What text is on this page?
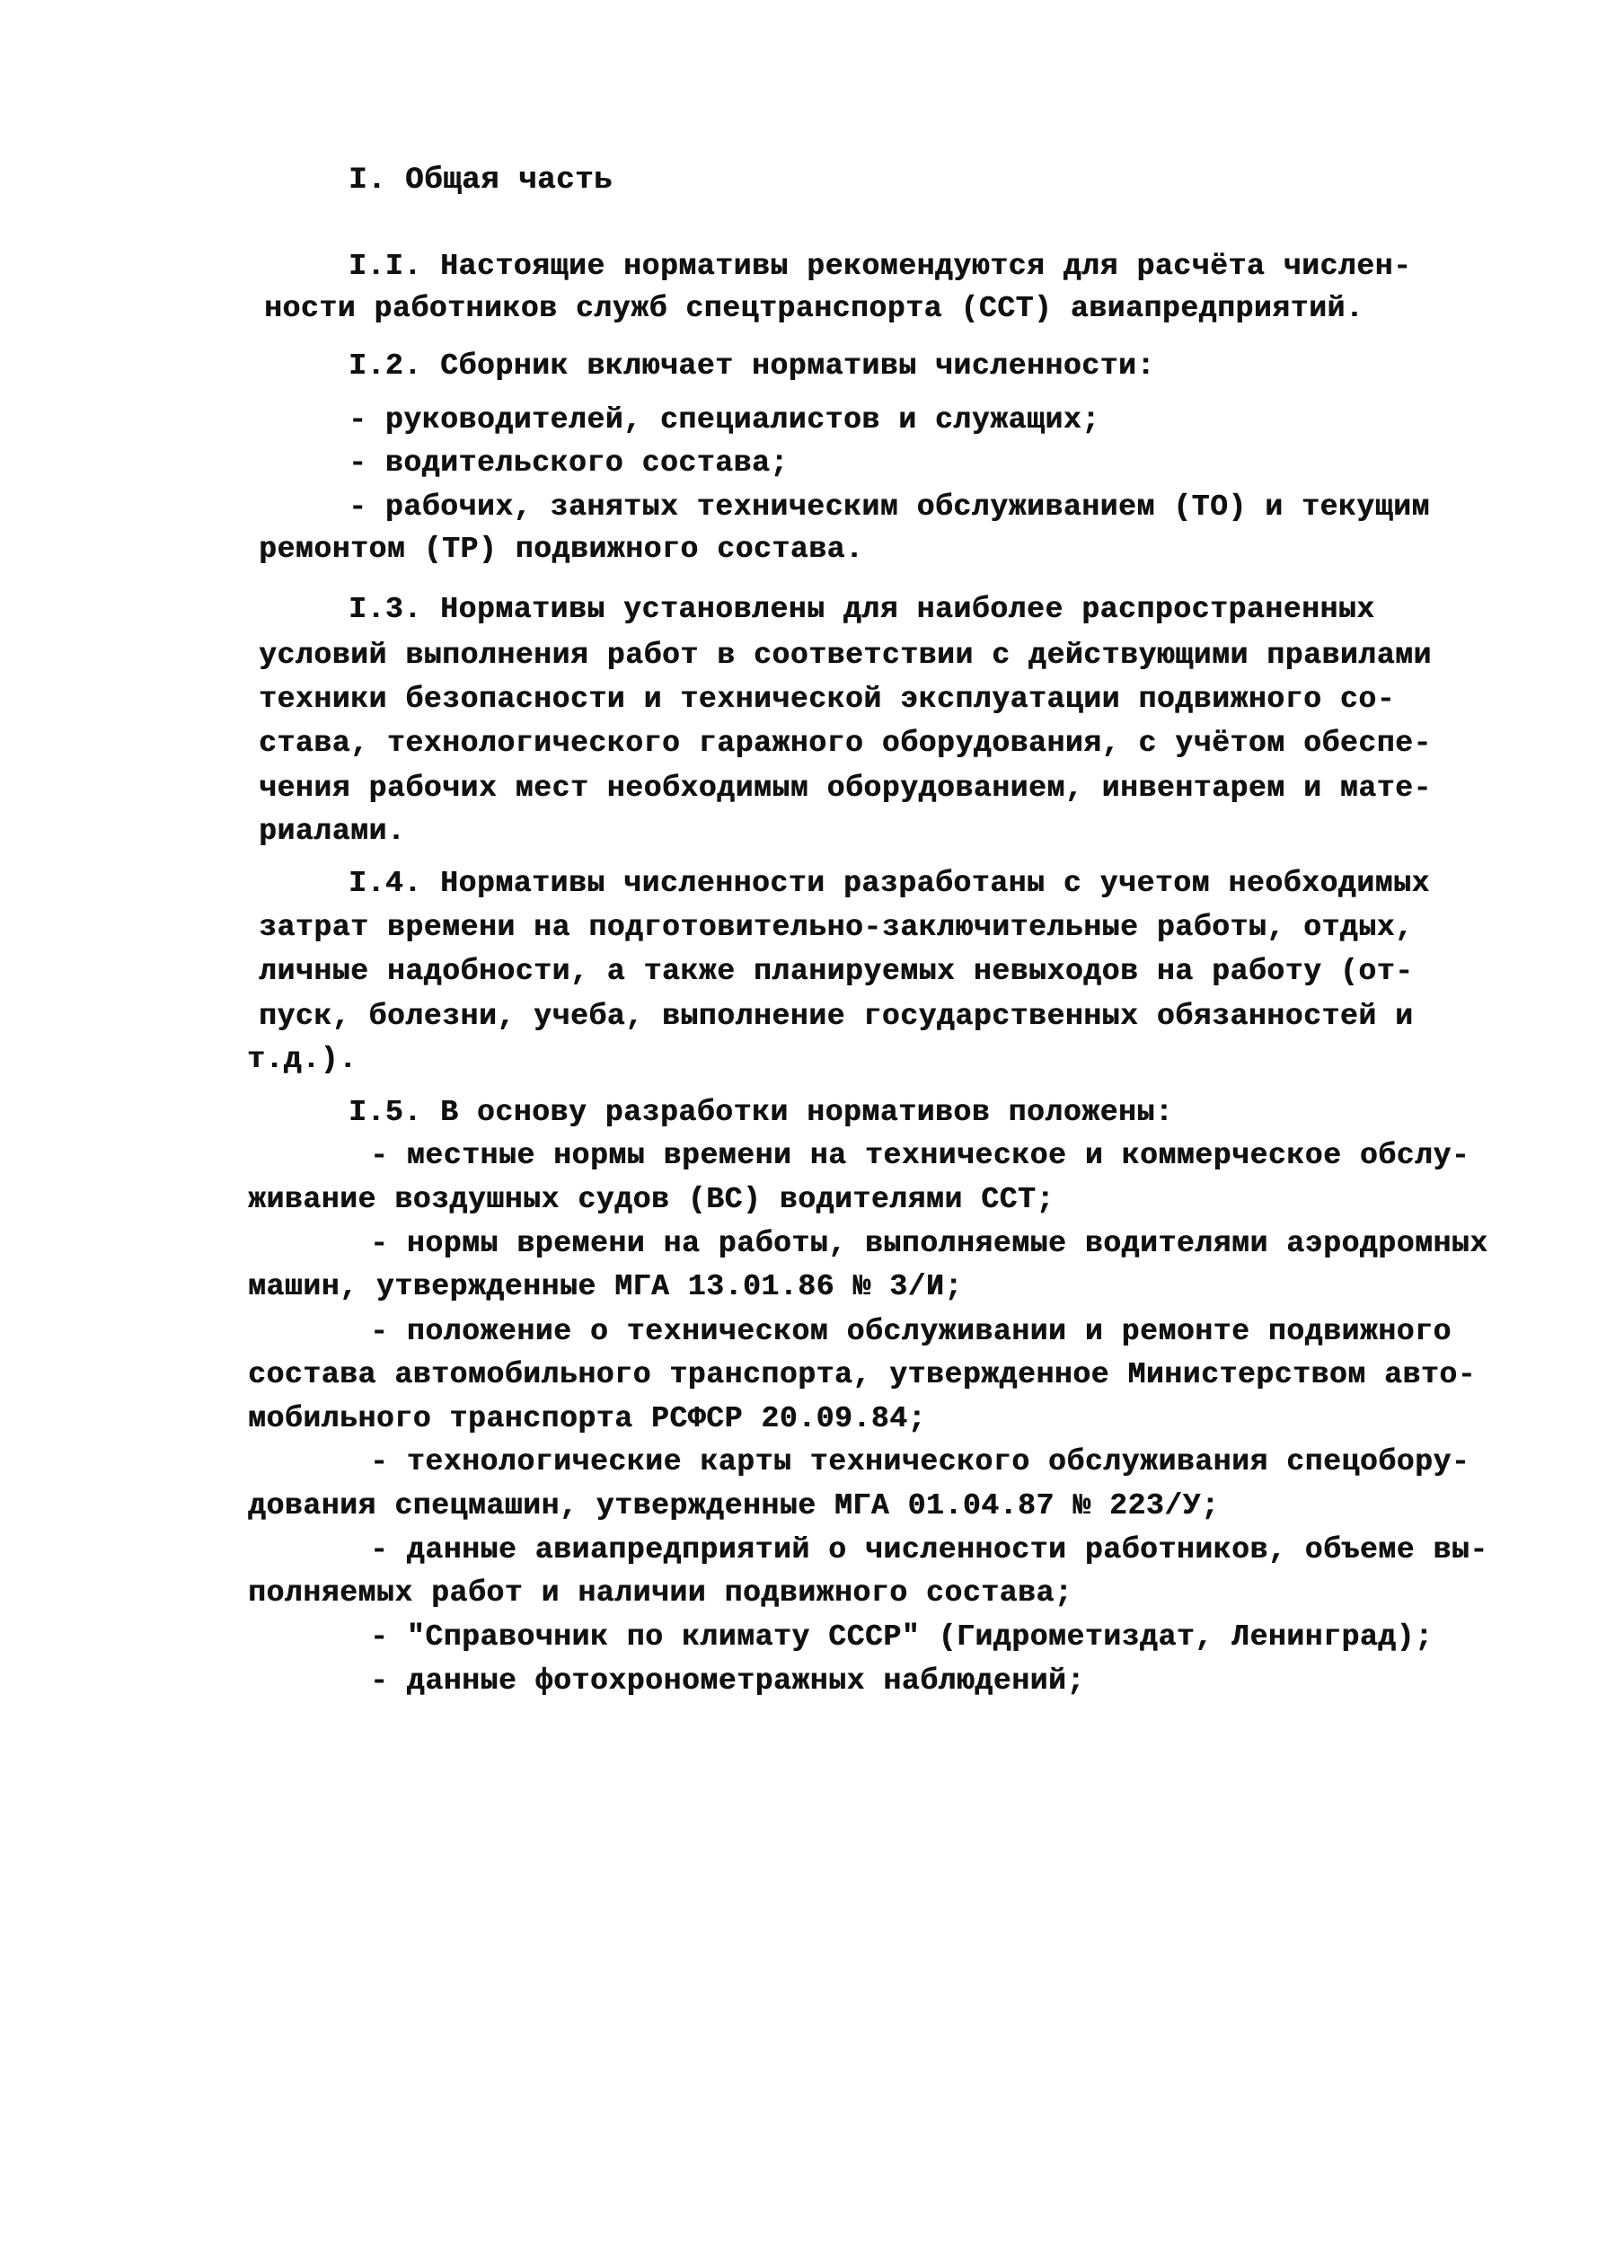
I. Общая часть
I.I. Настоящие нормативы рекомендуются для расчёта числен-
ности работников служб спецтранспорта (ССТ) авиапредприятий.
I.2. Сборник включает нормативы численности:
- руководителей, специалистов и служащих;
- водительского состава;
- рабочих, занятых техническим обслуживанием (ТО) и текущим
ремонтом (ТР) подвижного состава.
I.3. Нормативы установлены для наиболее распространенных
условий выполнения работ в соответствии с действующими правилами
техники безопасности и технической эксплуатации подвижного со-
става, технологического гаражного оборудования, с учётом обеспе-
чения рабочих мест необходимым оборудованием, инвентарем и мате-
риалами.
I.4. Нормативы численности разработаны с учетом необходимых
затрат времени на подготовительно-заключительные работы, отдых,
личные надобности, а также планируемых невыходов на работу (от-
пуск, болезни, учеба, выполнение государственных обязанностей и
т.д.).
I.5. В основу разработки нормативов положены:
- местные нормы времени на техническое и коммерческое обслу-
живание воздушных судов (ВС) водителями ССТ;
- нормы времени на работы, выполняемые водителями аэродромных
машин, утвержденные МГА 13.01.86 № 3/И;
- положение о техническом обслуживании и ремонте подвижного
состава автомобильного транспорта, утвержденное Министерством авто-
мобильного транспорта РСФСР 20.09.84;
- технологические карты технического обслуживания спецобору-
дования спецмашин, утвержденные МГА 01.04.87 № 223/У;
- данные авиапредприятий о численности работников, объеме вы-
полняемых работ и наличии подвижного состава;
- "Справочник по климату СССР" (Гидрометиздат, Ленинград);
- данные фотохронометражных наблюдений;
